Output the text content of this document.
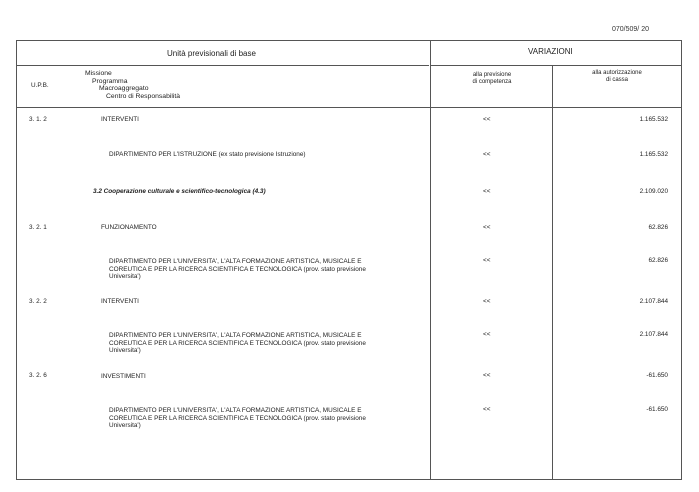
070/509/ 20
Unità previsionali di base	VARIAZIONI
U.P.B.
Missione
Programma
Macroaggregato
Centro di Responsabilità
alla previsione
di competenza
alla autorizzazione
di cassa
3. 1. 2	INTERVENTI	<<	1.165.532
DIPARTIMENTO PER L'ISTRUZIONE (ex stato previsione Istruzione)	<<	1.165.532
3.2 Cooperazione culturale e scientifico-tecnologica (4.3)	<<	2.109.020
3. 2. 1	FUNZIONAMENTO	<<	62.826
DIPARTIMENTO PER L'UNIVERSITA', L'ALTA FORMAZIONE ARTISTICA, MUSICALE E
COREUTICA E PER LA RICERCA SCIENTIFICA E TECNOLOGICA (prov. stato previsione
Universita')
<<	62.826
3. 2. 2	INTERVENTI	<<	2.107.844
DIPARTIMENTO PER L'UNIVERSITA', L'ALTA FORMAZIONE ARTISTICA, MUSICALE E
COREUTICA E PER LA RICERCA SCIENTIFICA E TECNOLOGICA (prov. stato previsione
Universita')
<<	2.107.844
3. 2. 6	INVESTIMENTI	<<	-61.650
DIPARTIMENTO PER L'UNIVERSITA', L'ALTA FORMAZIONE ARTISTICA, MUSICALE E
COREUTICA E PER LA RICERCA SCIENTIFICA E TECNOLOGICA (prov. stato previsione
Universita')
<<	-61.650
